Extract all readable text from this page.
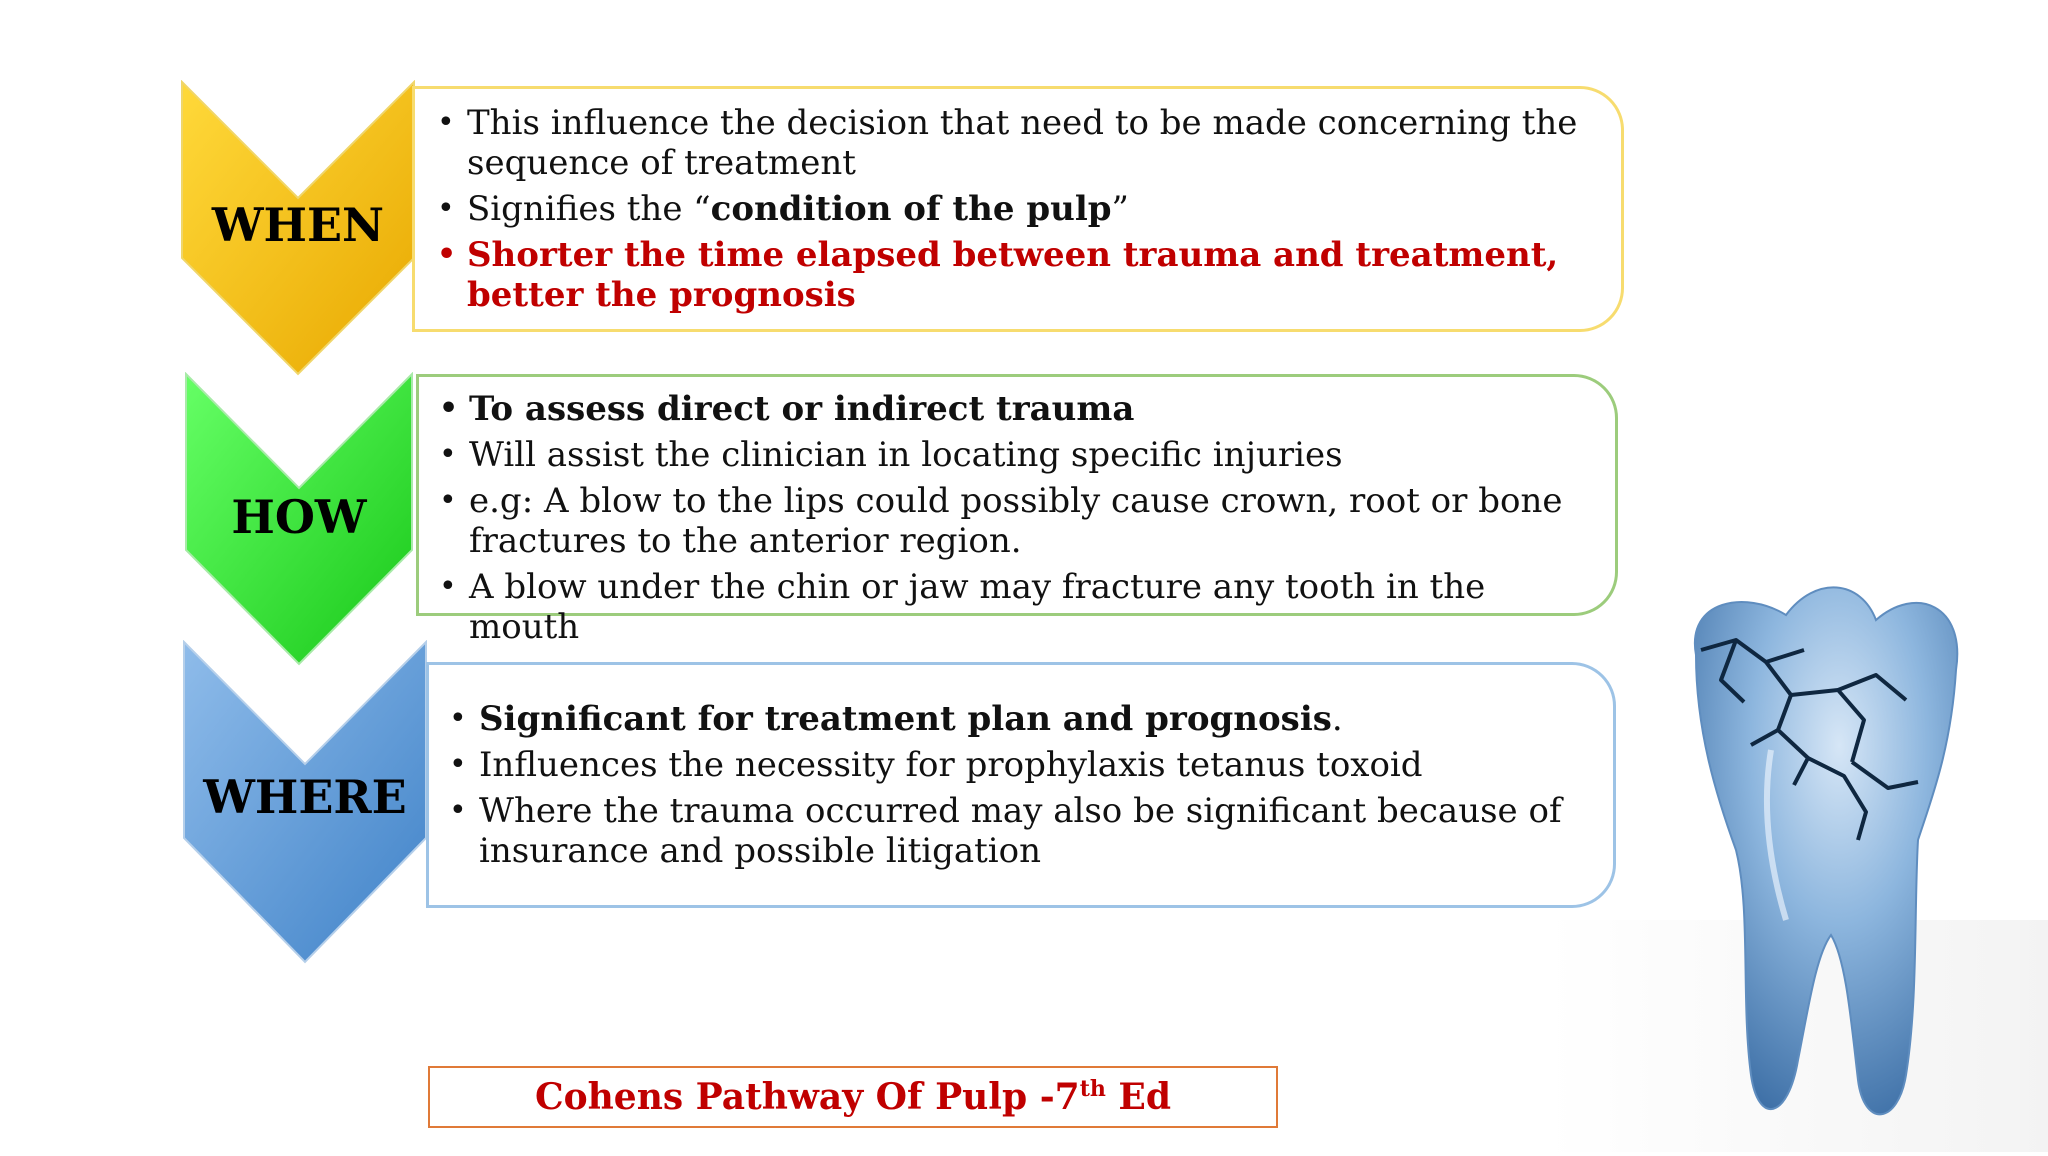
WHEN
• This influence the decision that need to be made concerning the sequence of treatment
• Signifies the “condition of the pulp”
• Shorter the time elapsed between trauma and treatment, better the prognosis
HOW
• To assess direct or indirect trauma
• Will assist the clinician in locating specific injuries
• e.g: A blow to the lips could possibly cause crown, root or bone fractures to the anterior region.
• A blow under the chin or jaw may fracture any tooth in the mouth
WHERE
• Significant for treatment plan and prognosis.
• Influences the necessity for prophylaxis tetanus toxoid
• Where the trauma occurred may also be significant because of insurance and possible litigation
Cohens Pathway Of Pulp -7th Ed
